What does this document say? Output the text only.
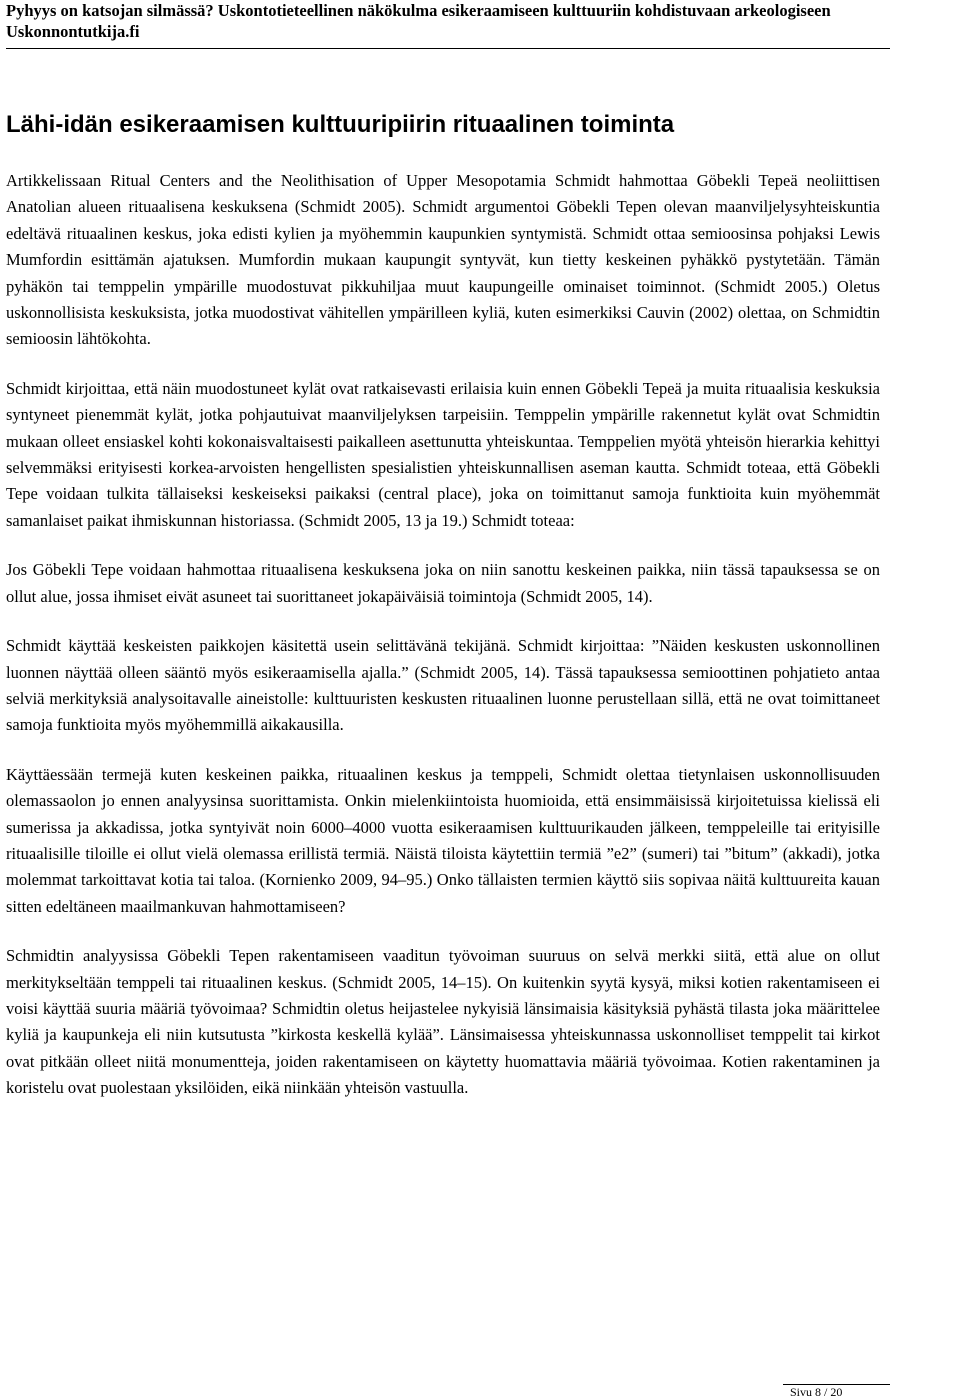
Pyhyys on katsojan silmässä? Uskontotieteellinen näkökulma esikeraamiseen kulttuuriin kohdistuvaan arkeologiseen
Uskonnontutkija.fi
Lähi-idän esikeraamisen kulttuuripiirin rituaalinen toiminta

Artikkelissaan Ritual Centers and the Neolithisation of Upper Mesopotamia Schmidt hahmottaa Göbekli Tepeä neoliittisen Anatolian alueen rituaalisena keskuksena (Schmidt 2005). Schmidt argumentoi Göbekli Tepen olevan maanviljelysyhteiskuntia edeltävä rituaalinen keskus, joka edisti kylien ja myöhemmin kaupunkien syntymistä. Schmidt ottaa semioosinsa pohjaksi Lewis Mumfordin esittämän ajatuksen. Mumfordin mukaan kaupungit syntyvät, kun tietty keskeinen pyhäkkö pystytetään. Tämän pyhäkön tai temppelin ympärille muodostuvat pikkuhiljaa muut kaupungeille ominaiset toiminnot. (Schmidt 2005.) Oletus uskonnollisista keskuksista, jotka muodostivat vähitellen ympärilleen kyliä, kuten esimerkiksi Cauvin (2002) olettaa, on Schmidtin semioosin lähtökohta.

Schmidt kirjoittaa, että näin muodostuneet kylät ovat ratkaisevasti erilaisia kuin ennen Göbekli Tepeä ja muita rituaalisia keskuksia syntyneet pienemmät kylät, jotka pohjautuivat maanviljelyksen tarpeisiin. Temppelin ympärille rakennetut kylät ovat Schmidtin mukaan olleet ensiaskel kohti kokonaisvaltaisesti paikalleen asettunutta yhteiskuntaa. Temppelien myötä yhteisön hierarkia kehittyi selvemmäksi erityisesti korkea-arvoisten hengellisten spesialistien yhteiskunnallisen aseman kautta. Schmidt toteaa, että Göbekli Tepe voidaan tulkita tällaiseksi keskeiseksi paikaksi (central place), joka on toimittanut samoja funktioita kuin myöhemmät samanlaiset paikat ihmiskunnan historiassa. (Schmidt 2005, 13 ja 19.) Schmidt toteaa:

Jos Göbekli Tepe voidaan hahmottaa rituaalisena keskuksena joka on niin sanottu keskeinen paikka, niin tässä tapauksessa se on ollut alue, jossa ihmiset eivät asuneet tai suorittaneet jokapäiväisiä toimintoja (Schmidt 2005, 14).

Schmidt käyttää keskeisten paikkojen käsitettä usein selittävänä tekijänä. Schmidt kirjoittaa: ”Näiden keskusten uskonnollinen luonnen näyttää olleen sääntö myös esikeraamisella ajalla.” (Schmidt 2005, 14). Tässä tapauksessa semioottinen pohjatieto antaa selviä merkityksiä analysoitavalle aineistolle: kulttuuristen keskusten rituaalinen luonne perustellaan sillä, että ne ovat toimittaneet samoja funktioita myös myöhemmillä aikakausilla.

Käyttäessään termejä kuten keskeinen paikka, rituaalinen keskus ja temppeli, Schmidt olettaa tietynlaisen uskonnollisuuden olemassaolon jo ennen analyysinsa suorittamista. Onkin mielenkiintoista huomioida, että ensimmäisissä kirjoitetuissa kielissä eli sumerissa ja akkadissa, jotka syntyivät noin 6000–4000 vuotta esikeraamisen kulttuurikauden jälkeen, temppeleille tai erityisille rituaalisille tiloille ei ollut vielä olemassa erillistä termiä. Näistä tiloista käytettiin termiä ”e2” (sumeri) tai ”bitum” (akkadi), jotka molemmat tarkoittavat kotia tai taloa. (Kornienko 2009, 94–95.) Onko tällaisten termien käyttö siis sopivaa näitä kulttuureita kauan sitten edeltäneen maailmankuvan hahmottamiseen?

Schmidtin analyysissa Göbekli Tepen rakentamiseen vaaditun työvoiman suuruus on selvä merkki siitä, että alue on ollut merkitykseltään temppeli tai rituaalinen keskus. (Schmidt 2005, 14–15). On kuitenkin syytä kysyä, miksi kotien rakentamiseen ei voisi käyttää suuria määriä työvoimaa? Schmidtin oletus heijastelee nykyisiä länsimaisia käsityksiä pyhästä tilasta joka määrittelee kyliä ja kaupunkeja eli niin kutsutusta ”kirkosta keskellä kylää”. Länsimaisessa yhteiskunnassa uskonnolliset temppelit tai kirkot ovat pitkään olleet niitä monumentteja, joiden rakentamiseen on käytetty huomattavia määriä työvoimaa. Kotien rakentaminen ja koristelu ovat puolestaan yksilöiden, eikä niinkään yhteisön vastuulla.

Sivu 8 / 20
